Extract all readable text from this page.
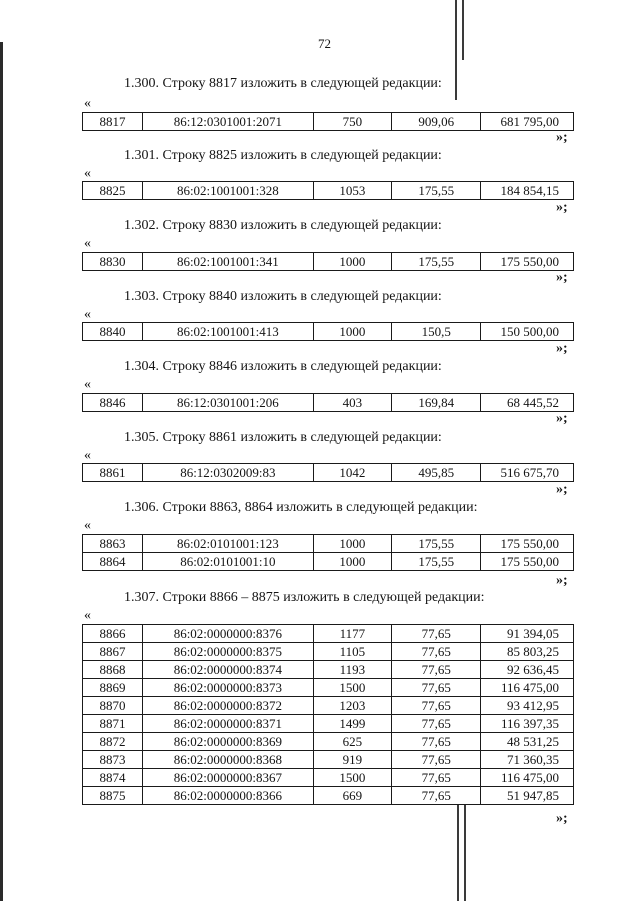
72
1.300. Строку 8817 изложить в следующей редакции:
«
8817	86:12:0301001:2071	750	909,06	681 795,00
»;
1.301. Строку 8825 изложить в следующей редакции:
«
8825	86:02:1001001:328	1053	175,55	184 854,15
»;
1.302. Строку 8830 изложить в следующей редакции:
«
8830	86:02:1001001:341	1000	175,55	175 550,00
»;
1.303. Строку 8840 изложить в следующей редакции:
«
8840	86:02:1001001:413	1000	150,5	150 500,00
»;
1.304. Строку 8846 изложить в следующей редакции:
«
8846	86:12:0301001:206	403	169,84	68 445,52
»;
1.305. Строку 8861 изложить в следующей редакции:
«
8861	86:12:0302009:83	1042	495,85	516 675,70
»;
1.306. Строки 8863, 8864 изложить в следующей редакции:
«
8863	86:02:0101001:123	1000	175,55	175 550,00
8864	86:02:0101001:10	1000	175,55	175 550,00
»;
1.307. Строки 8866 – 8875 изложить в следующей редакции:
«
8866	86:02:0000000:8376	1177	77,65	91 394,05
8867	86:02:0000000:8375	1105	77,65	85 803,25
8868	86:02:0000000:8374	1193	77,65	92 636,45
8869	86:02:0000000:8373	1500	77,65	116 475,00
8870	86:02:0000000:8372	1203	77,65	93 412,95
8871	86:02:0000000:8371	1499	77,65	116 397,35
8872	86:02:0000000:8369	625	77,65	48 531,25
8873	86:02:0000000:8368	919	77,65	71 360,35
8874	86:02:0000000:8367	1500	77,65	116 475,00
8875	86:02:0000000:8366	669	77,65	51 947,85
»;
